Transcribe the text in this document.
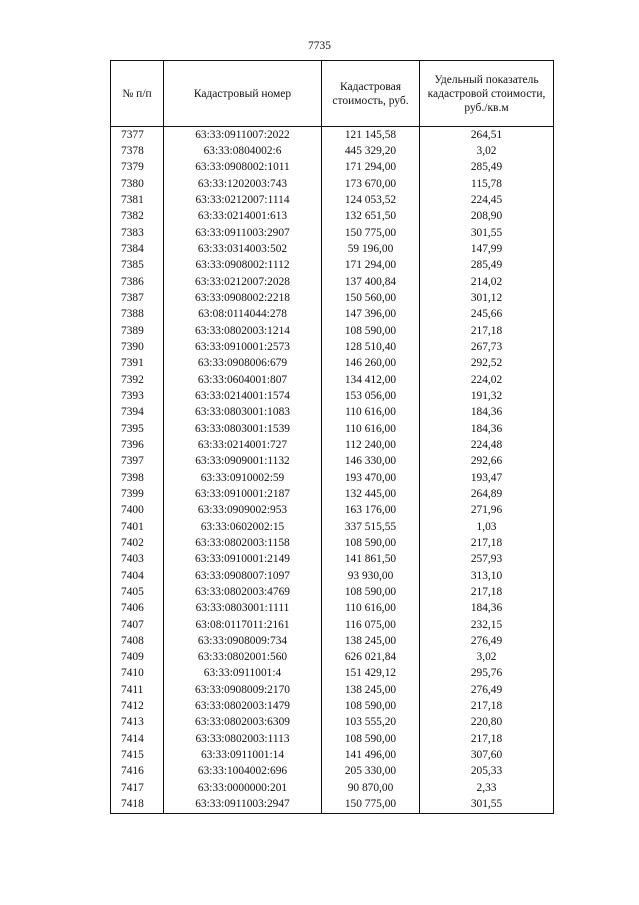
7735
№ п/п	Кадастровый номер	Кадастровая стоимость, руб.	Удельный показатель кадастровой стоимости, руб./кв.м
7377	63:33:0911007:2022	121 145,58	264,51
7378	63:33:0804002:6	445 329,20	3,02
7379	63:33:0908002:1011	171 294,00	285,49
7380	63:33:1202003:743	173 670,00	115,78
7381	63:33:0212007:1114	124 053,52	224,45
7382	63:33:0214001:613	132 651,50	208,90
7383	63:33:0911003:2907	150 775,00	301,55
7384	63:33:0314003:502	59 196,00	147,99
7385	63:33:0908002:1112	171 294,00	285,49
7386	63:33:0212007:2028	137 400,84	214,02
7387	63:33:0908002:2218	150 560,00	301,12
7388	63:08:0114044:278	147 396,00	245,66
7389	63:33:0802003:1214	108 590,00	217,18
7390	63:33:0910001:2573	128 510,40	267,73
7391	63:33:0908006:679	146 260,00	292,52
7392	63:33:0604001:807	134 412,00	224,02
7393	63:33:0214001:1574	153 056,00	191,32
7394	63:33:0803001:1083	110 616,00	184,36
7395	63:33:0803001:1539	110 616,00	184,36
7396	63:33:0214001:727	112 240,00	224,48
7397	63:33:0909001:1132	146 330,00	292,66
7398	63:33:0910002:59	193 470,00	193,47
7399	63:33:0910001:2187	132 445,00	264,89
7400	63:33:0909002:953	163 176,00	271,96
7401	63:33:0602002:15	337 515,55	1,03
7402	63:33:0802003:1158	108 590,00	217,18
7403	63:33:0910001:2149	141 861,50	257,93
7404	63:33:0908007:1097	93 930,00	313,10
7405	63:33:0802003:4769	108 590,00	217,18
7406	63:33:0803001:1111	110 616,00	184,36
7407	63:08:0117011:2161	116 075,00	232,15
7408	63:33:0908009:734	138 245,00	276,49
7409	63:33:0802001:560	626 021,84	3,02
7410	63:33:0911001:4	151 429,12	295,76
7411	63:33:0908009:2170	138 245,00	276,49
7412	63:33:0802003:1479	108 590,00	217,18
7413	63:33:0802003:6309	103 555,20	220,80
7414	63:33:0802003:1113	108 590,00	217,18
7415	63:33:0911001:14	141 496,00	307,60
7416	63:33:1004002:696	205 330,00	205,33
7417	63:33:0000000:201	90 870,00	2,33
7418	63:33:0911003:2947	150 775,00	301,55
